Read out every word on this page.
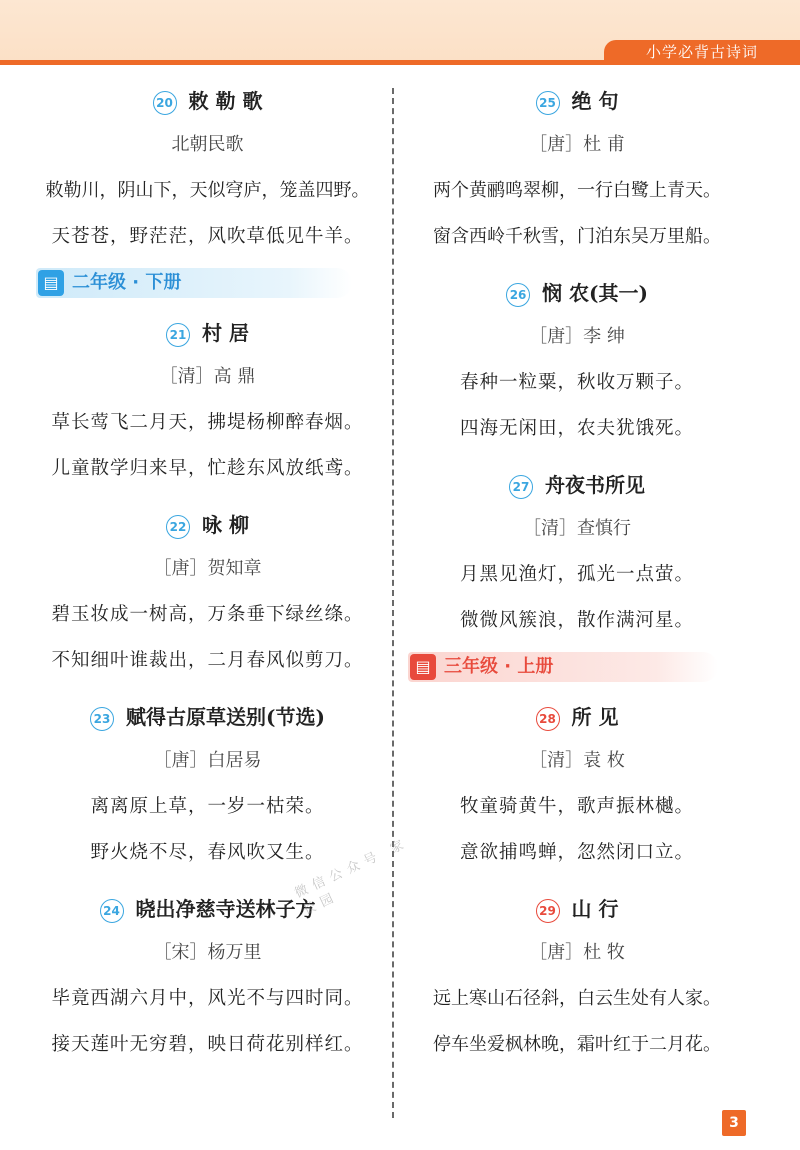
小学必背古诗词
20 敕 勒 歌
北朝民歌
敕勒川，阴山下，天似穹庐，笼盖四野。
天苍苍，野茫茫，风吹草低见牛羊。
▤ 二年级 · 下册
21 村 居
［清］高 鼎
草长莺飞二月天，拂堤杨柳醉春烟。
儿童散学归来早，忙趁东风放纸鸢。
22 咏 柳
［唐］贺知章
碧玉妆成一树高，万条垂下绿丝绦。
不知细叶谁裁出，二月春风似剪刀。
23 赋得古原草送别(节选)
［唐］白居易
离离原上草，一岁一枯荣。
野火烧不尽，春风吹又生。
24 晓出净慈寺送林子方
［宋］杨万里
毕竟西湖六月中，风光不与四时同。
接天莲叶无穷碧，映日荷花别样红。
25 绝 句
［唐］杜 甫
两个黄鹂鸣翠柳，一行白鹭上青天。
窗含西岭千秋雪，门泊东吴万里船。
26 悯 农(其一)
［唐］李 绅
春种一粒粟，秋收万颗子。
四海无闲田，农夫犹饿死。
27 舟夜书所见
［清］查慎行
月黑见渔灯，孤光一点萤。
微微风簇浪，散作满河星。
▤ 三年级 · 上册
28 所 见
［清］袁 枚
牧童骑黄牛，歌声振林樾。
意欲捕鸣蝉，忽然闭口立。
29 山 行
［唐］杜 牧
远上寒山石径斜，白云生处有人家。
停车坐爱枫林晚，霜叶红于二月花。
微信公众号 家长园
3
